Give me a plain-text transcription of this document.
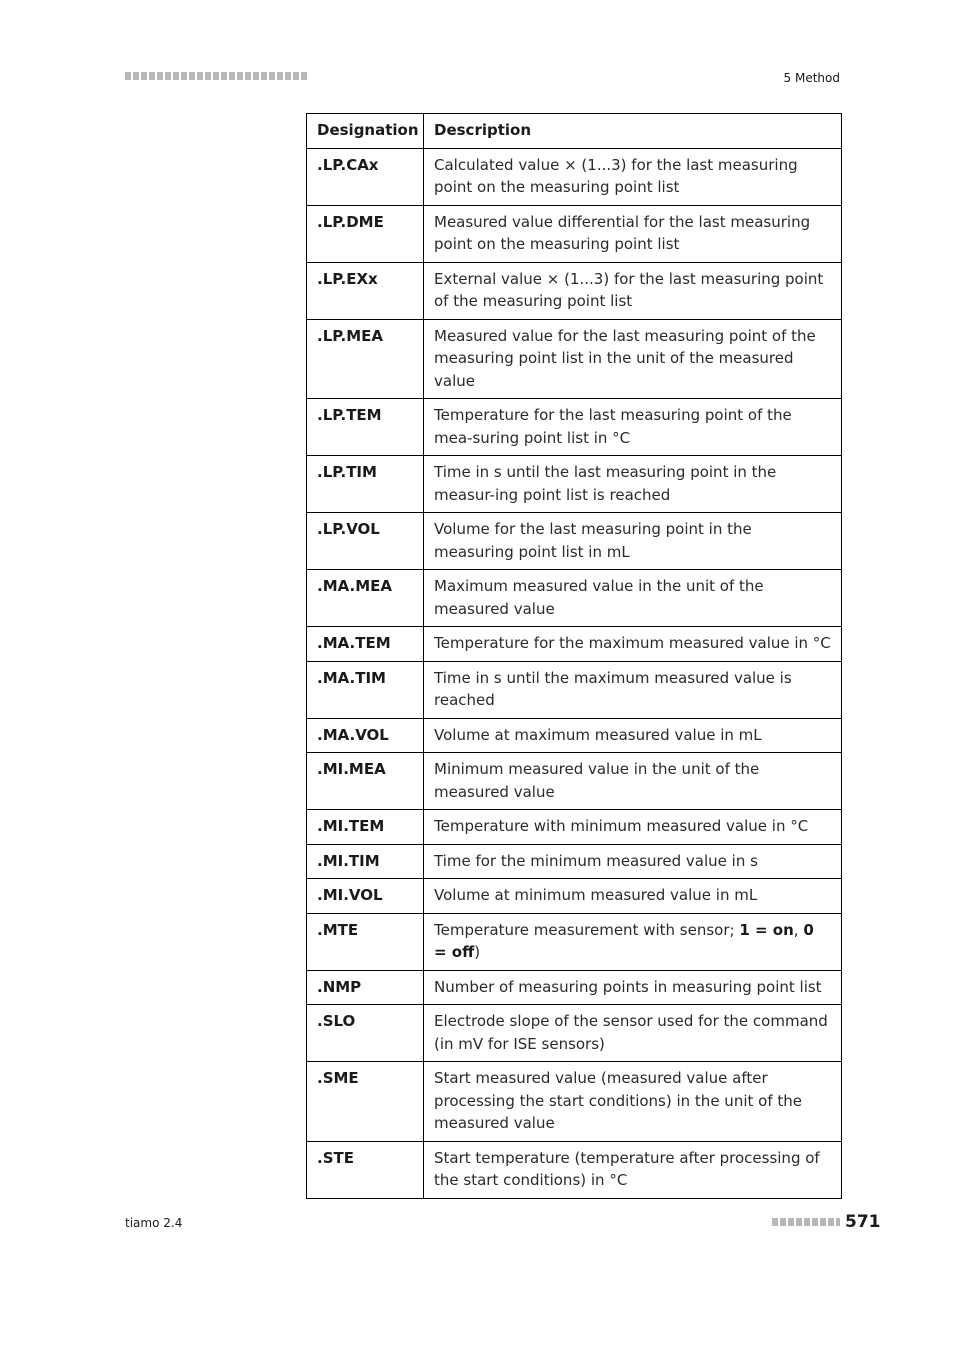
5 Method
Designation	Description
.LP.CAx	Calculated value × (1...3) for the last measuring point on the measuring point list
.LP.DME	Measured value differential for the last measuring point on the measuring point list
.LP.EXx	External value × (1...3) for the last measuring point of the measuring point list
.LP.MEA	Measured value for the last measuring point of the measuring point list in the unit of the measured value
.LP.TEM	Temperature for the last measuring point of the mea-suring point list in °C
.LP.TIM	Time in s until the last measuring point in the measur-ing point list is reached
.LP.VOL	Volume for the last measuring point in the measuring point list in mL
.MA.MEA	Maximum measured value in the unit of the measured value
.MA.TEM	Temperature for the maximum measured value in °C
.MA.TIM	Time in s until the maximum measured value is reached
.MA.VOL	Volume at maximum measured value in mL
.MI.MEA	Minimum measured value in the unit of the measured value
.MI.TEM	Temperature with minimum measured value in °C
.MI.TIM	Time for the minimum measured value in s
.MI.VOL	Volume at minimum measured value in mL
.MTE	Temperature measurement with sensor; 1 = on, 0 = off)
.NMP	Number of measuring points in measuring point list
.SLO	Electrode slope of the sensor used for the command (in mV for ISE sensors)
.SME	Start measured value (measured value after processing the start conditions) in the unit of the measured value
.STE	Start temperature (temperature after processing of the start conditions) in °C
tiamo 2.4	571
